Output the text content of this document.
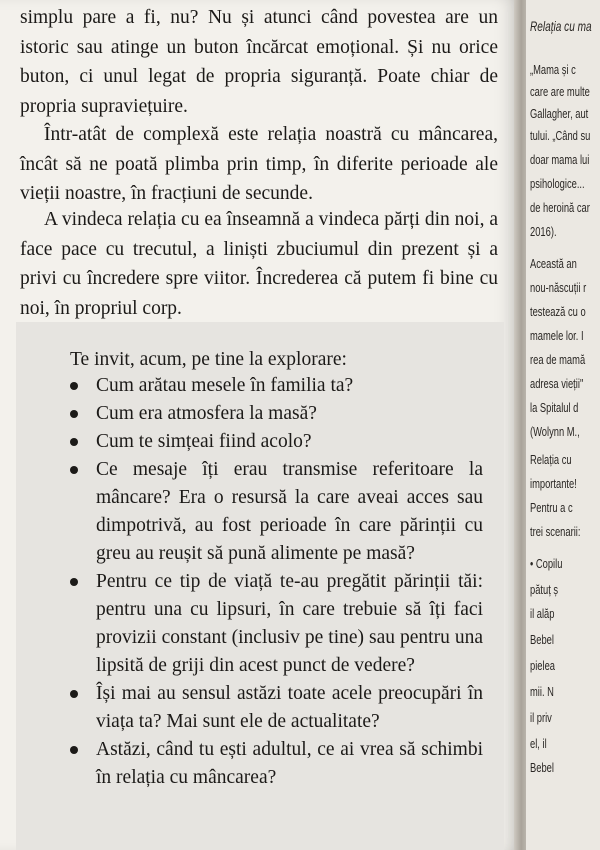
simplu pare a fi, nu? Nu și atunci când povestea are un istoric sau atinge un buton încărcat emoțional. Și nu orice buton, ci unul legat de propria siguranță. Poate chiar de propria supraviețuire.

Într-atât de complexă este relația noastră cu mâncarea, încât să ne poată plimba prin timp, în diferite perioade ale vieții noastre, în fracțiuni de secunde.

A vindeca relația cu ea înseamnă a vindeca părți din noi, a face pace cu trecutul, a liniști zbuciumul din prezent și a privi cu încredere spre viitor. Încrederea că putem fi bine cu noi, în propriul corp.

Te invit, acum, pe tine la explorare:

Cum arătau mesele în familia ta?
Cum era atmosfera la masă?
Cum te simțeai fiind acolo?
Ce mesaje îți erau transmise referitoare la mâncare? Era o resursă la care aveai acces sau dimpotrivă, au fost perioade în care părinții cu greu au reușit să pună alimente pe masă?
Pentru ce tip de viață te-au pregătit părinții tăi: pentru una cu lipsuri, în care trebuie să îți faci provizii constant (inclusiv pe tine) sau pentru una lipsită de griji din acest punct de vedere?
Își mai au sensul astăzi toate acele preocupări în viața ta? Mai sunt ele de actualitate?
Astăzi, când tu ești adultul, ce ai vrea să schimbi în relația cu mâncarea?
Relația cu ma
„Mama și c
care are multe
Gallagher, aut
tului. „Când su
doar mama lui
psihologice...
de heroină car
2016).
Această an
nou-născuții r
testează cu o
mamele lor. I
rea de mamă
adresa vieții"
la Spitalul d
(Wolynn M.,
Relația cu
importante!
Pentru a c
trei scenarii:
• Copilu
pătuț ș
il alăp
Bebel
pielea
mii. N
il priv
el, il
Bebel
